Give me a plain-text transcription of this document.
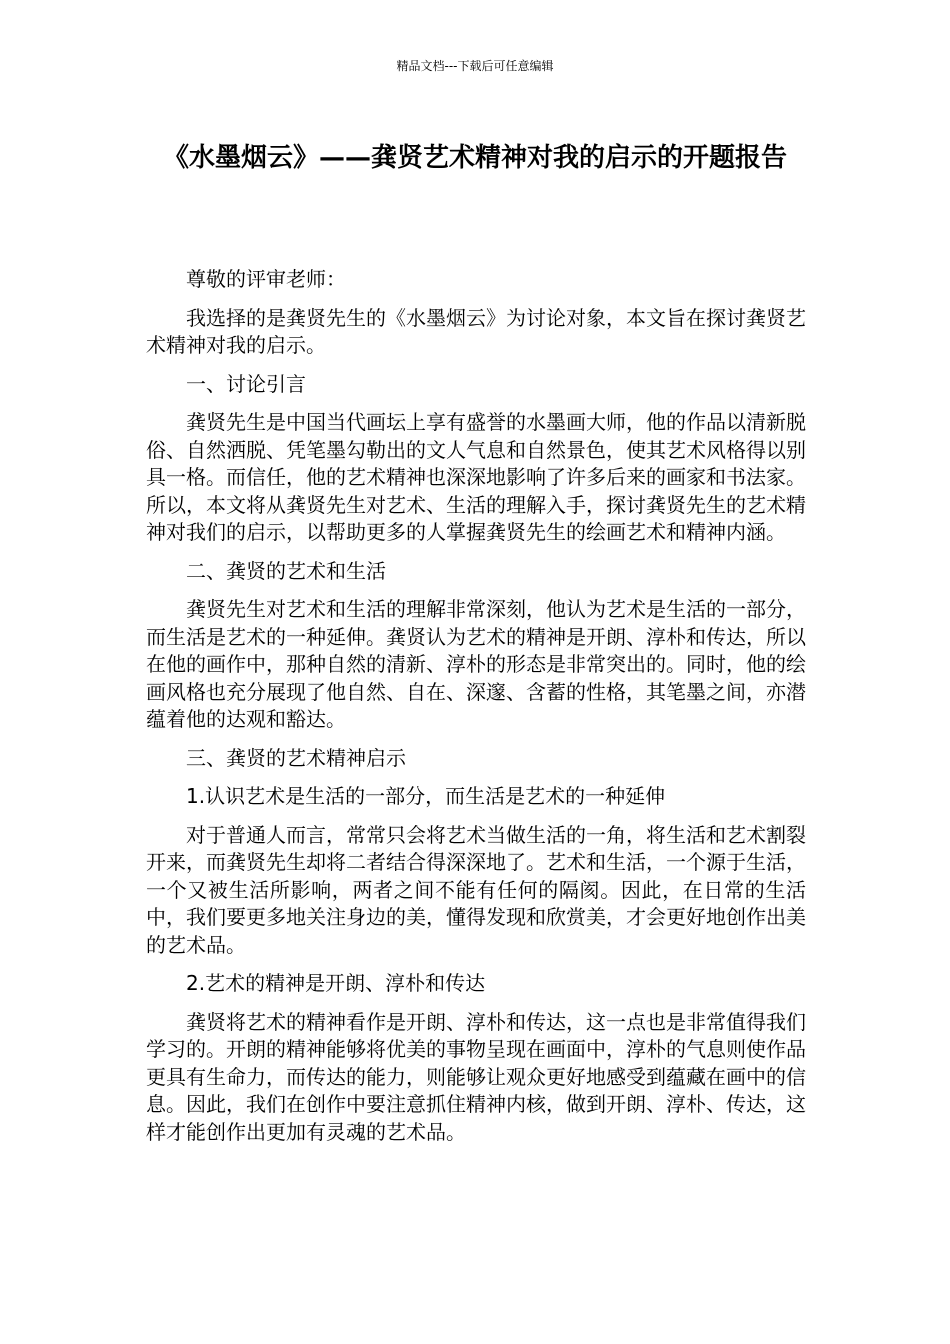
精品文档---下载后可任意编辑
《水墨烟云》——龚贤艺术精神对我的启示的开题报告

尊敬的评审老师：

我选择的是龚贤先生的《水墨烟云》为讨论对象，本文旨在探讨龚贤艺术精神对我的启示。

一、讨论引言

龚贤先生是中国当代画坛上享有盛誉的水墨画大师，他的作品以清新脱俗、自然洒脱、凭笔墨勾勒出的文人气息和自然景色，使其艺术风格得以别具一格。而信任，他的艺术精神也深深地影响了许多后来的画家和书法家。所以，本文将从龚贤先生对艺术、生活的理解入手，探讨龚贤先生的艺术精神对我们的启示，以帮助更多的人掌握龚贤先生的绘画艺术和精神内涵。

二、龚贤的艺术和生活

龚贤先生对艺术和生活的理解非常深刻，他认为艺术是生活的一部分，而生活是艺术的一种延伸。龚贤认为艺术的精神是开朗、淳朴和传达，所以在他的画作中，那种自然的清新、淳朴的形态是非常突出的。同时，他的绘画风格也充分展现了他自然、自在、深邃、含蓄的性格，其笔墨之间，亦潜蕴着他的达观和豁达。

三、龚贤的艺术精神启示

1.认识艺术是生活的一部分，而生活是艺术的一种延伸

对于普通人而言，常常只会将艺术当做生活的一角，将生活和艺术割裂开来，而龚贤先生却将二者结合得深深地了。艺术和生活，一个源于生活，一个又被生活所影响，两者之间不能有任何的隔阂。因此，在日常的生活中，我们要更多地关注身边的美，懂得发现和欣赏美，才会更好地创作出美的艺术品。

2.艺术的精神是开朗、淳朴和传达

龚贤将艺术的精神看作是开朗、淳朴和传达，这一点也是非常值得我们学习的。开朗的精神能够将优美的事物呈现在画面中，淳朴的气息则使作品更具有生命力，而传达的能力，则能够让观众更好地感受到蕴藏在画中的信息。因此，我们在创作中要注意抓住精神内核，做到开朗、淳朴、传达，这样才能创作出更加有灵魂的艺术品。
